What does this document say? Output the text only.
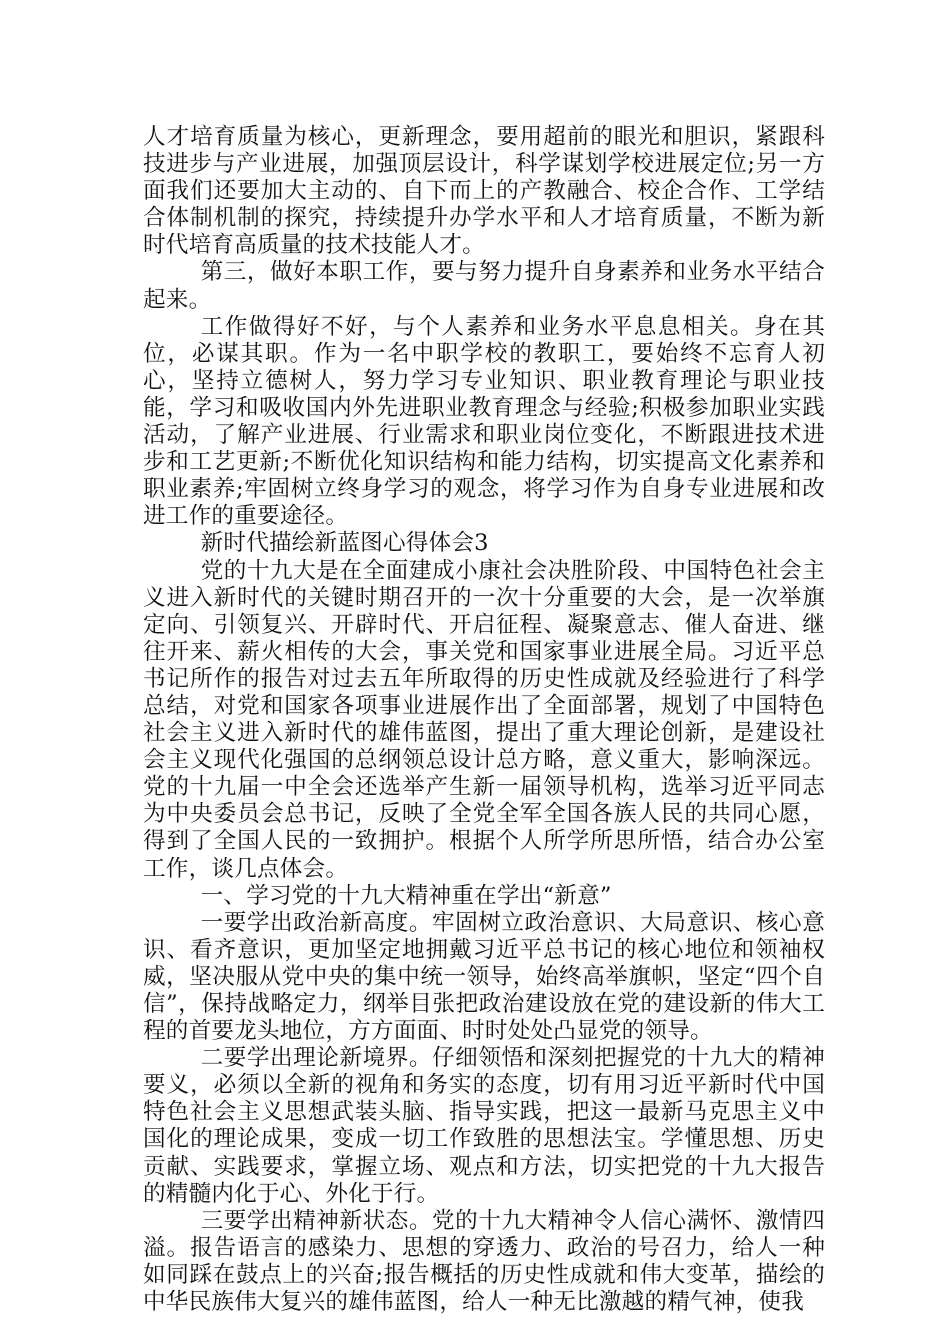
人才培育质量为核心，更新理念，要用超前的眼光和胆识，紧跟科技进步与产业进展，加强顶层设计，科学谋划学校进展定位;另一方面我们还要加大主动的、自下而上的产教融合、校企合作、工学结合体制机制的探究，持续提升办学水平和人才培育质量，不断为新时代培育高质量的技术技能人才。

第三，做好本职工作，要与努力提升自身素养和业务水平结合起来。

工作做得好不好，与个人素养和业务水平息息相关。身在其位，必谋其职。作为一名中职学校的教职工，要始终不忘育人初心，坚持立德树人，努力学习专业知识、职业教育理论与职业技能，学习和吸收国内外先进职业教育理念与经验;积极参加职业实践活动，了解产业进展、行业需求和职业岗位变化，不断跟进技术进步和工艺更新;不断优化知识结构和能力结构，切实提高文化素养和职业素养;牢固树立终身学习的观念，将学习作为自身专业进展和改进工作的重要途径。

新时代描绘新蓝图心得体会3

党的十九大是在全面建成小康社会决胜阶段、中国特色社会主义进入新时代的关键时期召开的一次十分重要的大会，是一次举旗定向、引领复兴、开辟时代、开启征程、凝聚意志、催人奋进、继往开来、薪火相传的大会，事关党和国家事业进展全局。习近平总书记所作的报告对过去五年所取得的历史性成就及经验进行了科学总结，对党和国家各项事业进展作出了全面部署，规划了中国特色社会主义进入新时代的雄伟蓝图，提出了重大理论创新，是建设社会主义现代化强国的总纲领总设计总方略，意义重大，影响深远。党的十九届一中全会还选举产生新一届领导机构，选举习近平同志为中央委员会总书记，反映了全党全军全国各族人民的共同心愿，得到了全国人民的一致拥护。根据个人所学所思所悟，结合办公室工作，谈几点体会。

一、学习党的十九大精神重在学出“新意”

一要学出政治新高度。牢固树立政治意识、大局意识、核心意识、看齐意识，更加坚定地拥戴习近平总书记的核心地位和领袖权威，坚决服从党中央的集中统一领导，始终高举旗帜，坚定“四个自信”，保持战略定力，纲举目张把政治建设放在党的建设新的伟大工程的首要龙头地位，方方面面、时时处处凸显党的领导。

二要学出理论新境界。仔细领悟和深刻把握党的十九大的精神要义，必须以全新的视角和务实的态度，切有用习近平新时代中国特色社会主义思想武装头脑、指导实践，把这一最新马克思主义中国化的理论成果，变成一切工作致胜的思想法宝。学懂思想、历史贡献、实践要求，掌握立场、观点和方法，切实把党的十九大报告的精髓内化于心、外化于行。

三要学出精神新状态。党的十九大精神令人信心满怀、激情四溢。报告语言的感染力、思想的穿透力、政治的号召力，给人一种如同踩在鼓点上的兴奋;报告概括的历史性成就和伟大变革，描绘的中华民族伟大复兴的雄伟蓝图，给人一种无比激越的精气神，使我
